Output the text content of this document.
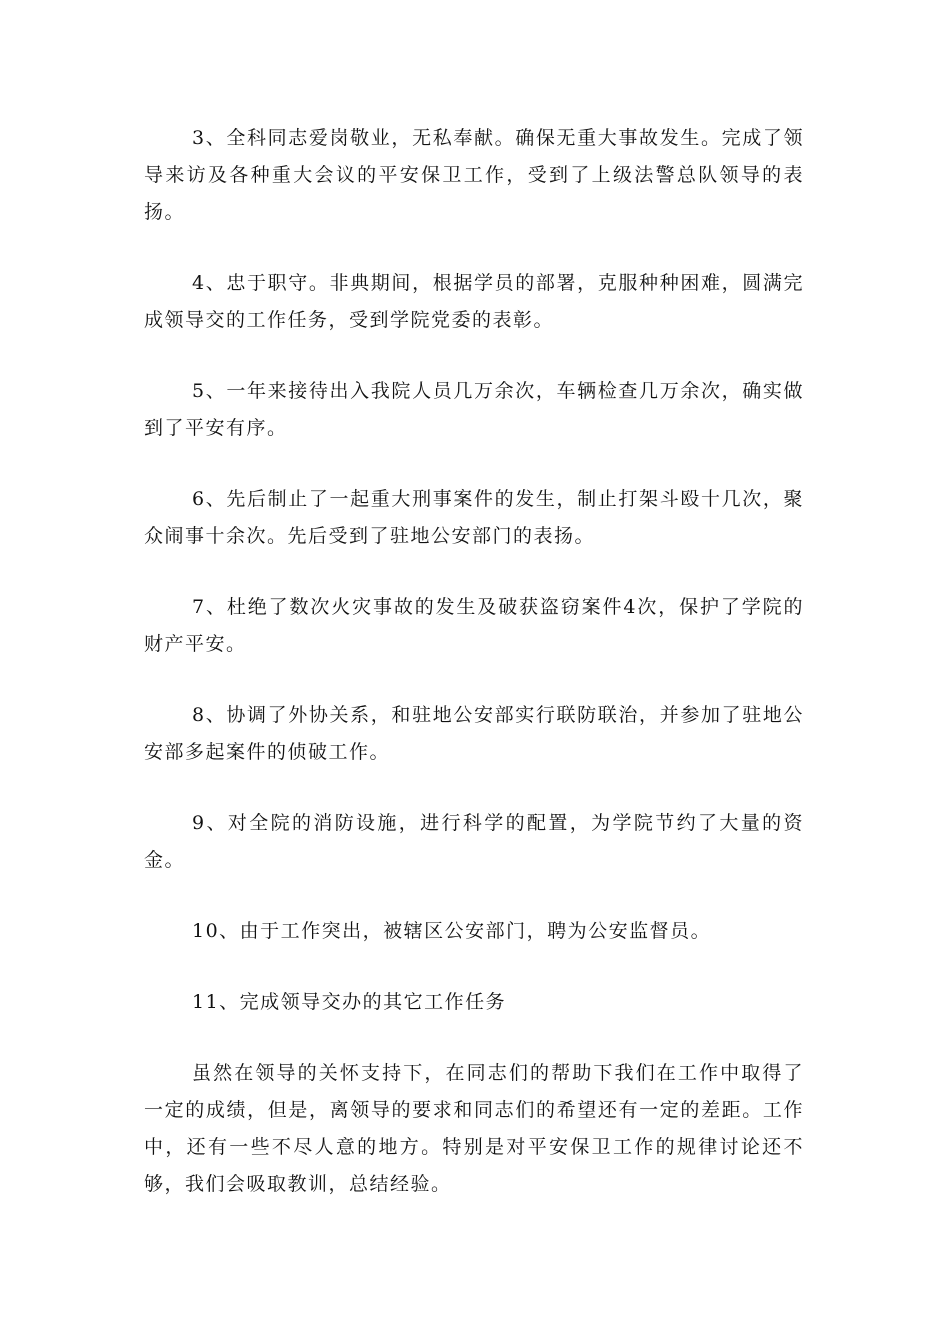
3、全科同志爱岗敬业，无私奉献。确保无重大事故发生。完成了领导来访及各种重大会议的平安保卫工作，受到了上级法警总队领导的表扬。

4、忠于职守。非典期间，根据学员的部署，克服种种困难，圆满完成领导交的工作任务，受到学院党委的表彰。

5、一年来接待出入我院人员几万余次，车辆检查几万余次，确实做到了平安有序。

6、先后制止了一起重大刑事案件的发生，制止打架斗殴十几次，聚众闹事十余次。先后受到了驻地公安部门的表扬。

7、杜绝了数次火灾事故的发生及破获盗窃案件4次，保护了学院的财产平安。

8、协调了外协关系，和驻地公安部实行联防联治，并参加了驻地公安部多起案件的侦破工作。

9、对全院的消防设施，进行科学的配置，为学院节约了大量的资金。

10、由于工作突出，被辖区公安部门，聘为公安监督员。

11、完成领导交办的其它工作任务

虽然在领导的关怀支持下，在同志们的帮助下我们在工作中取得了一定的成绩，但是，离领导的要求和同志们的希望还有一定的差距。工作中，还有一些不尽人意的地方。特别是对平安保卫工作的规律讨论还不够，我们会吸取教训，总结经验。
